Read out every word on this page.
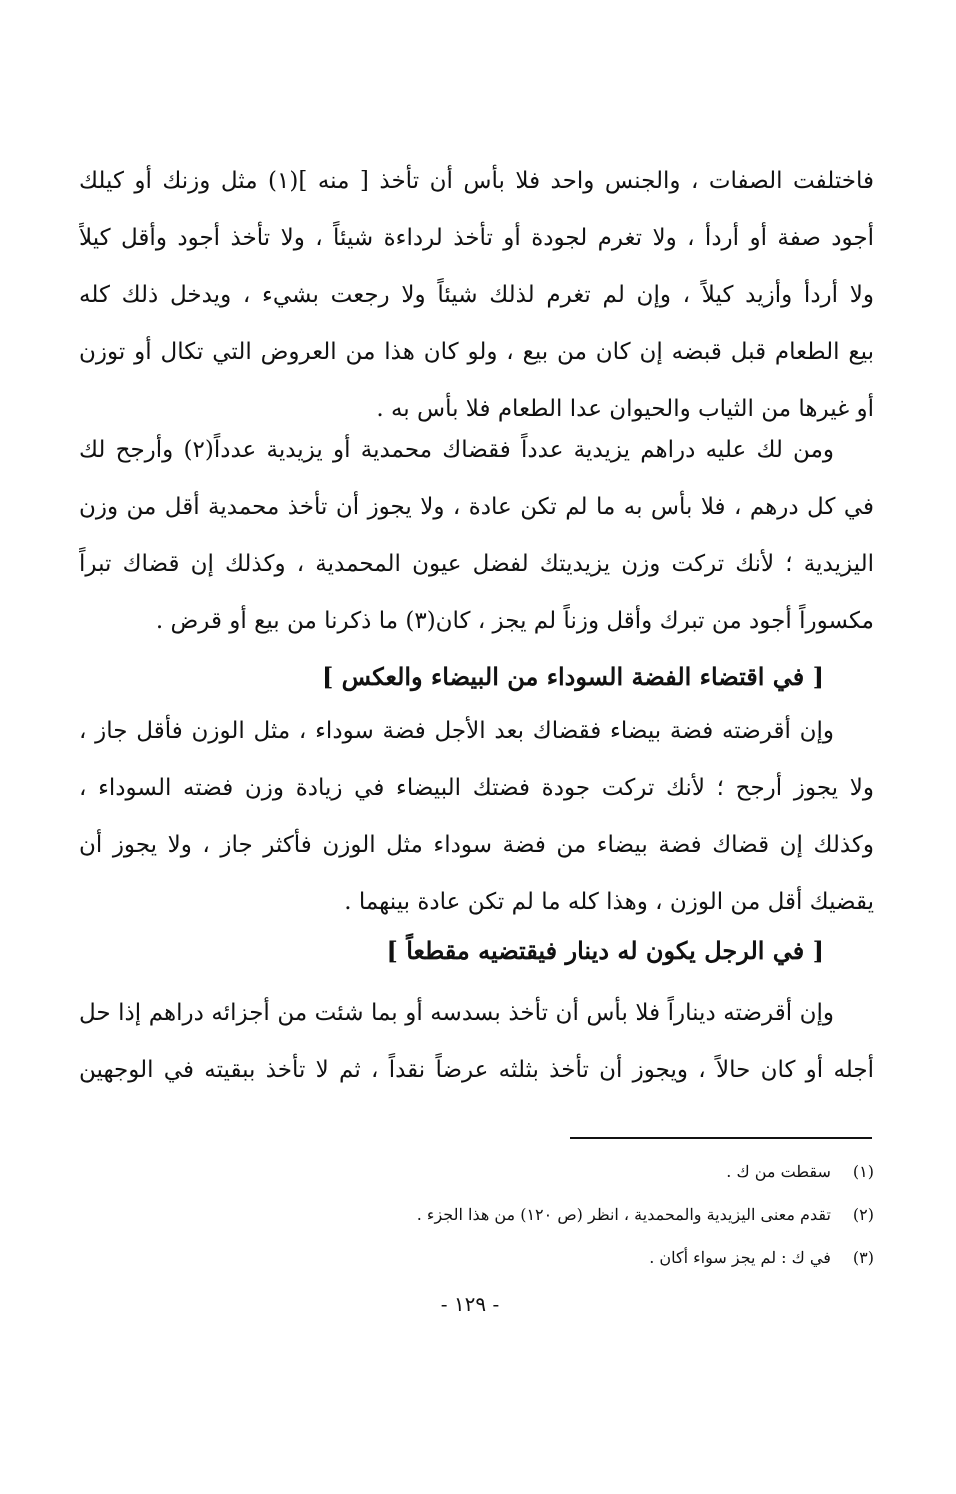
فاختلفت الصفات ، والجنس واحد فلا بأس أن تأخذ [ منه ](١) مثل وزنك أو كيلك
أجود صفة أو أردأ ، ولا تغرم لجودة أو تأخذ لرداءة شيئاً ، ولا تأخذ أجود وأقل كيلاً
ولا أردأ وأزيد كيلاً ، وإن لم تغرم لذلك شيئاً ولا رجعت بشيء ، ويدخل ذلك كله
بيع الطعام قبل قبضه إن كان من بيع ، ولو كان هذا من العروض التي تكال أو توزن
أو غيرها من الثياب والحيوان عدا الطعام فلا بأس به .
ومن لك عليه دراهم يزيدية عدداً فقضاك محمدية أو يزيدية عدداً(٢) وأرجح لك
في كل درهم ، فلا بأس به ما لم تكن عادة ، ولا يجوز أن تأخذ محمدية أقل من وزن
اليزيدية ؛ لأنك تركت وزن يزيديتك لفضل عيون المحمدية ، وكذلك إن قضاك تبراً
مكسوراً أجود من تبرك وأقل وزناً لم يجز ، كان(٣) ما ذكرنا من بيع أو قرض .
[ في اقتضاء الفضة السوداء من البيضاء والعكس ]
وإن أقرضته فضة بيضاء فقضاك بعد الأجل فضة سوداء ، مثل الوزن فأقل جاز ،
ولا يجوز أرجح ؛ لأنك تركت جودة فضتك البيضاء في زيادة وزن فضته السوداء ،
وكذلك إن قضاك فضة بيضاء من فضة سوداء مثل الوزن فأكثر جاز ، ولا يجوز أن
يقضيك أقل من الوزن ، وهذا كله ما لم تكن عادة بينهما .
[ في الرجل يكون له دينار فيقتضيه مقطعاً ]
وإن أقرضته ديناراً فلا بأس أن تأخذ بسدسه أو بما شئت من أجزائه دراهم إذا حل
أجله أو كان حالاً ، ويجوز أن تأخذ بثلثه عرضاً نقداً ، ثم لا تأخذ ببقيته في الوجهين
(١) سقطت من ك .
(٢) تقدم معنى اليزيدية والمحمدية ، انظر (ص ١٢٠) من هذا الجزء .
(٣) في ك : لم يجز سواء أكان .
- ١٢٩ -
